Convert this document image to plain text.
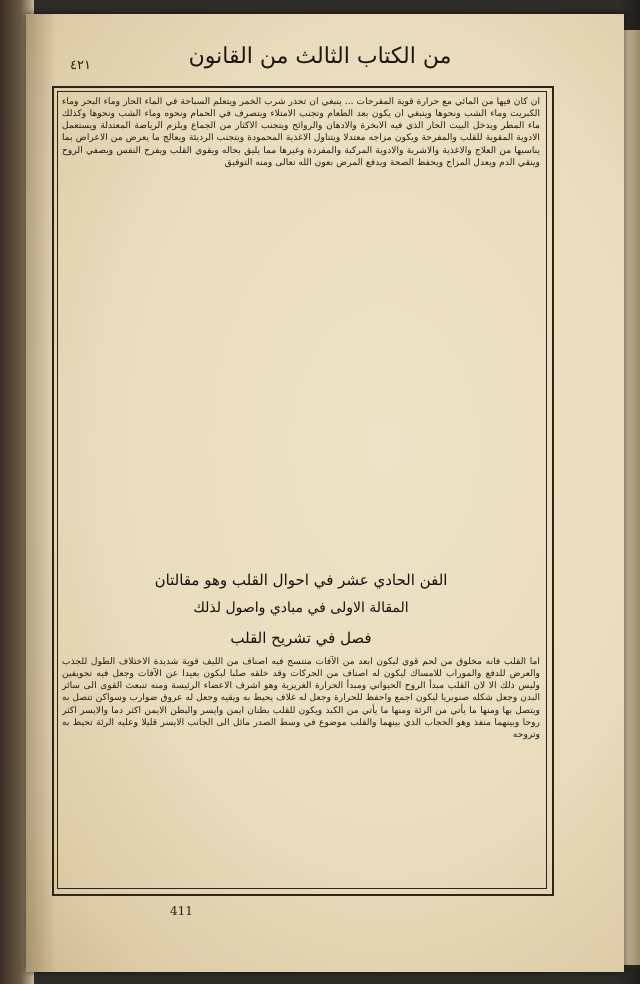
٤٢١	من الكتاب الثالث من القانون

ان كان فيها من المائي مع حرارة قوية المقرحات ... ينبغي ان تحذر شرب الخمر ويتعلم السباحة في الماء الحار وماء البحر وماء الكبريت وماء الشب ونحوها وينبغي ان يكون بعد الطعام وتجنب الامتلاء ويتصرف في الحمام ونحوه وماء الشب ونحوها وكذلك ماء المطر ويدخل البيت الحار الذي فيه الابخرة والادهان والروائح ويتجنب الاكثار من الجماع ويلزم الرياضة المعتدلة ويستعمل الادوية المقوية للقلب والمفرحة ويكون مزاجه معتدلا ويتناول الاغذية المحمودة ويتجنب الرديئة ويعالج ما يعرض من الاعراض بما يناسبها من العلاج والاغذية والاشربة والادوية المركبة والمفردة وغيرها مما يليق بحاله ويقوي القلب ويفرح النفس ويصفي الروح وينقي الدم ويعدل المزاج ويحفظ الصحة ويدفع المرض بعون الله تعالى ومنه التوفيق

الفن الحادي عشر في احوال القلب وهو مقالتان

المقالة الاولى في مبادي واصول لذلك

فصل في تشريح القلب

اما القلب فانه مخلوق من لحم قوي ليكون ابعد من الآفات منتسج فيه اصناف من الليف قوية شديدة الاختلاف الطول للجذب والعرض للدفع والموراب للامساك ليكون له اصناف من الحركات وقد خلقه صلبا ليكون بعيدا عن الآفات وجعل فيه تجويفين وليس ذلك الا لان القلب مبدأ الروح الحيواني ومبدأ الحرارة الغريزية وهو اشرف الاعضاء الرئيسة ومنه تنبعث القوى الى سائر البدن وجعل شكله صنوبريا ليكون اجمع واحفظ للحرارة وجعل له غلاف يحيط به ويقيه وجعل له عروق ضوارب وسواكن تتصل به ويتصل بها ومنها ما يأتي من الرئة ومنها ما يأتي من الكبد ويكون للقلب بطنان ايمن وايسر والبطن الايمن اكثر دما والايسر اكثر روحا وبينهما منفذ وهو الحجاب الذي بينهما والقلب موضوع في وسط الصدر مائل الى الجانب الايسر قليلا وعليه الرئة تحيط به وتروحه

411
